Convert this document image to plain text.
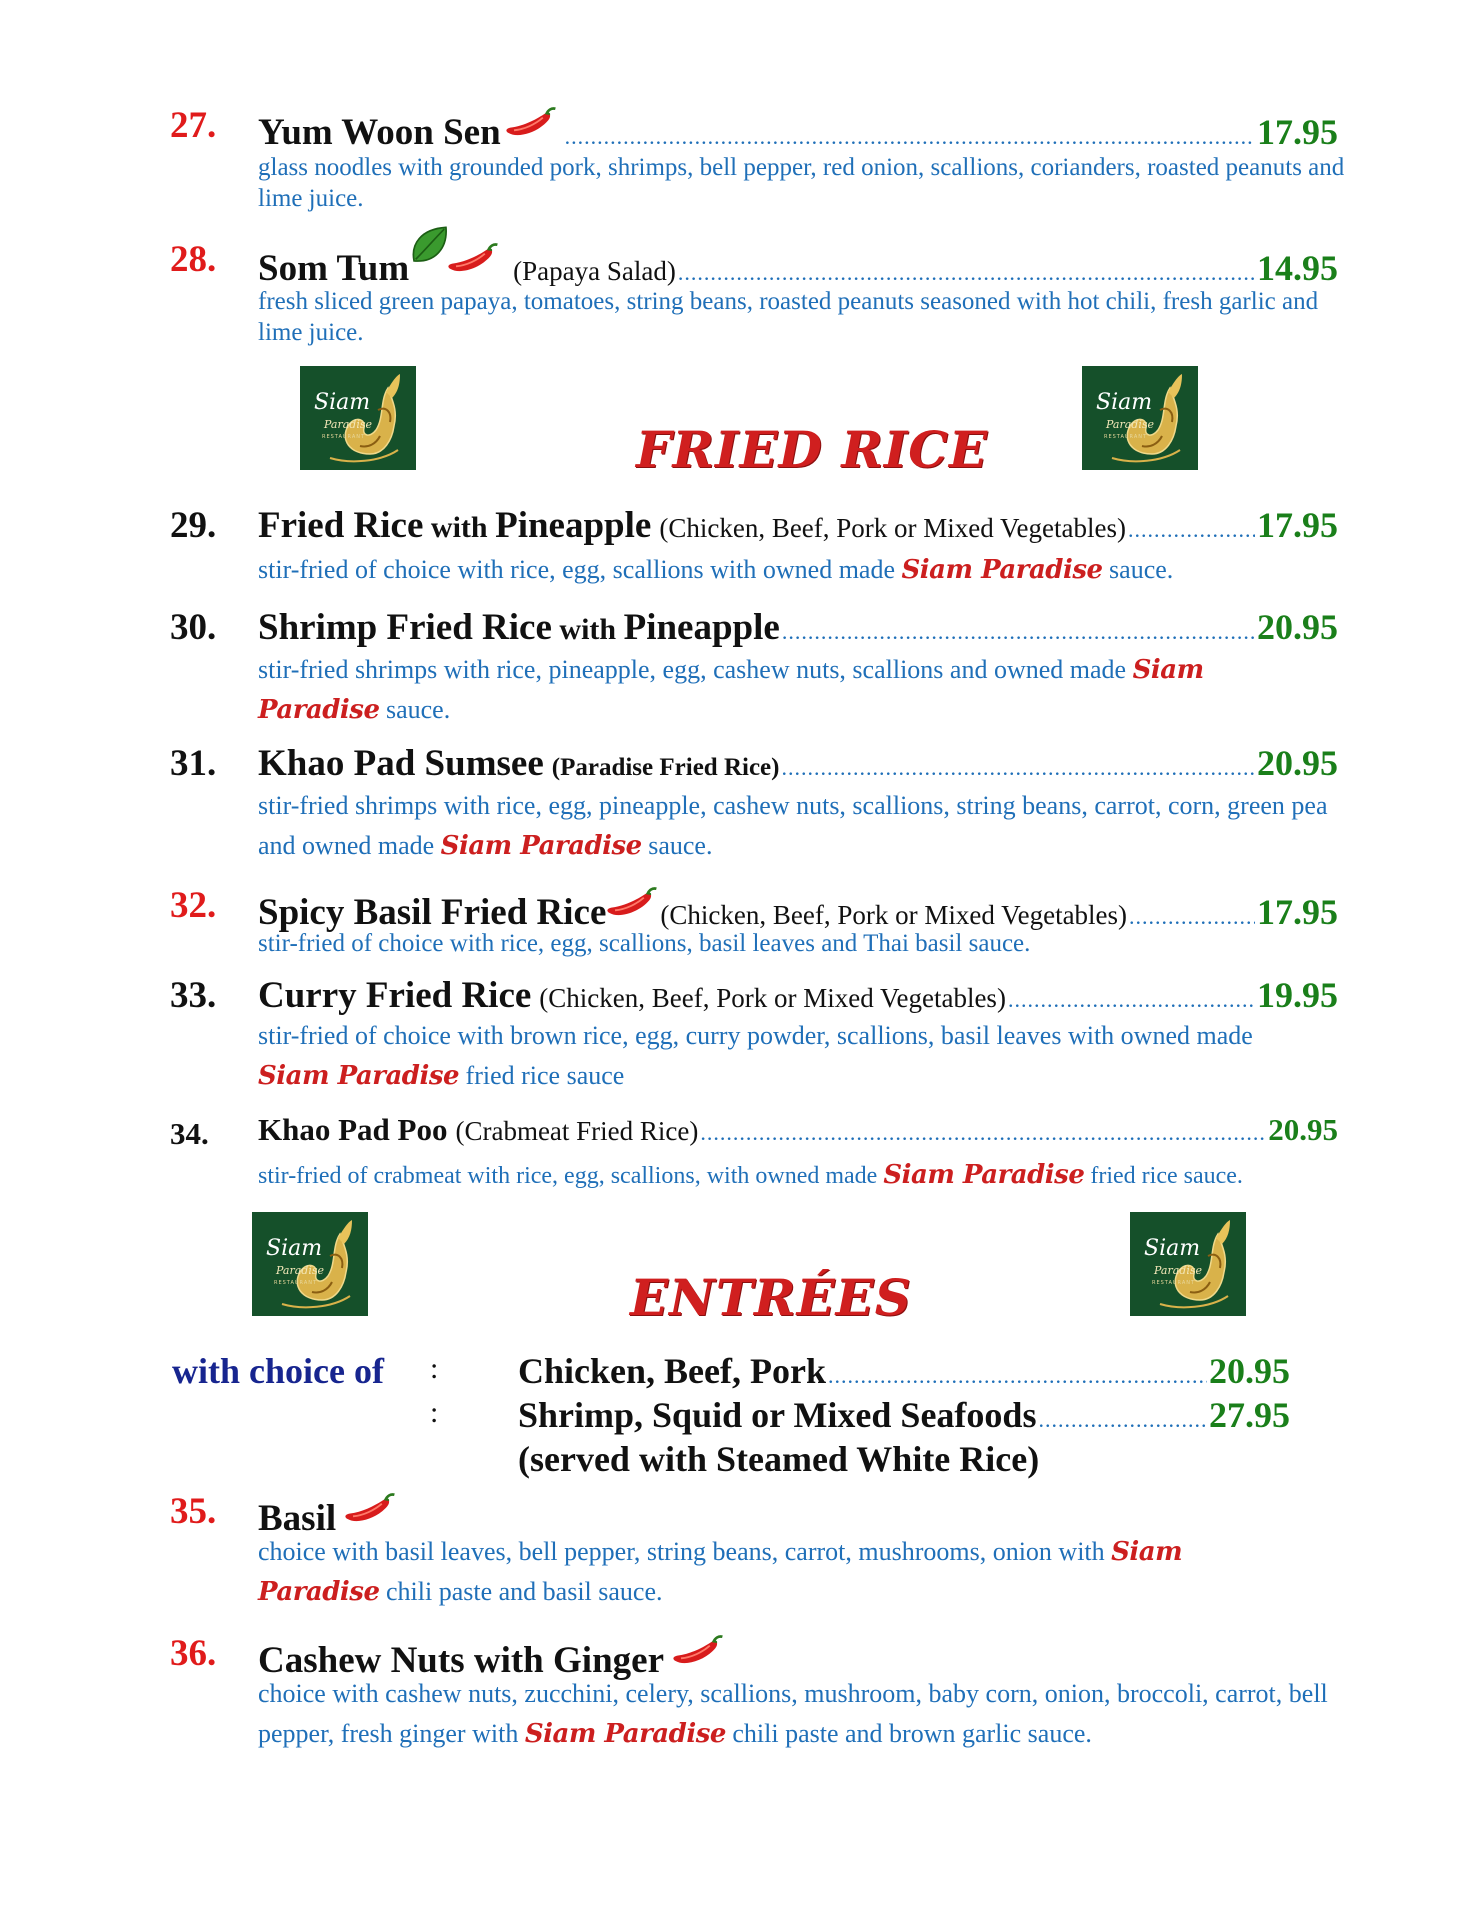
27. Yum Woon Sen .....	17.95
glass noodles with grounded pork, shrimps, bell pepper, red onion, scallions, corianders, roasted peanuts and lime juice.
28. Som Tum	(Papaya Salad) .....	14.95
fresh sliced green papaya, tomatoes, string beans, roasted peanuts seasoned with hot chili, fresh garlic and lime juice.
Siam
Paradise
RESTAURANT
Siam
Paradise
RESTAURANT
FRIED RICE
29. Fried Rice with Pineapple (Chicken, Beef, Pork or Mixed Vegetables) .....	17.95
stir-fried of choice with rice, egg, scallions with owned made Siam Paradise sauce.
30. Shrimp Fried Rice with Pineapple .....	20.95
stir-fried shrimps with rice, pineapple, egg, cashew nuts, scallions and owned made Siam Paradise sauce.
31. Khao Pad Sumsee (Paradise Fried Rice) .....	20.95
stir-fried shrimps with rice, egg, pineapple, cashew nuts, scallions, string beans, carrot, corn, green pea and owned made Siam Paradise sauce.
32. Spicy Basil Fried Rice (Chicken, Beef, Pork or Mixed Vegetables) .....	17.95
stir-fried of choice with rice, egg, scallions, basil leaves and Thai basil sauce.
33. Curry Fried Rice (Chicken, Beef, Pork or Mixed Vegetables) .....	19.95
stir-fried of choice with brown rice, egg, curry powder, scallions, basil leaves with owned made Siam Paradise fried rice sauce
34. Khao Pad Poo (Crabmeat Fried Rice) .....	20.95
stir-fried of crabmeat with rice, egg, scallions, with owned made Siam Paradise fried rice sauce.
Siam
Paradise
RESTAURANT
Siam
Paradise
RESTAURANT
ENTRÉES
with choice of :
:
Chicken, Beef, Pork .....	20.95
Shrimp, Squid or Mixed Seafoods .....	27.95
(served with Steamed White Rice)
35. Basil
choice with basil leaves, bell pepper, string beans, carrot, mushrooms, onion with Siam Paradise chili paste and basil sauce.
36. Cashew Nuts with Ginger
choice with cashew nuts, zucchini, celery, scallions, mushroom, baby corn, onion, broccoli, carrot, bell pepper, fresh ginger with Siam Paradise chili paste and brown garlic sauce.
